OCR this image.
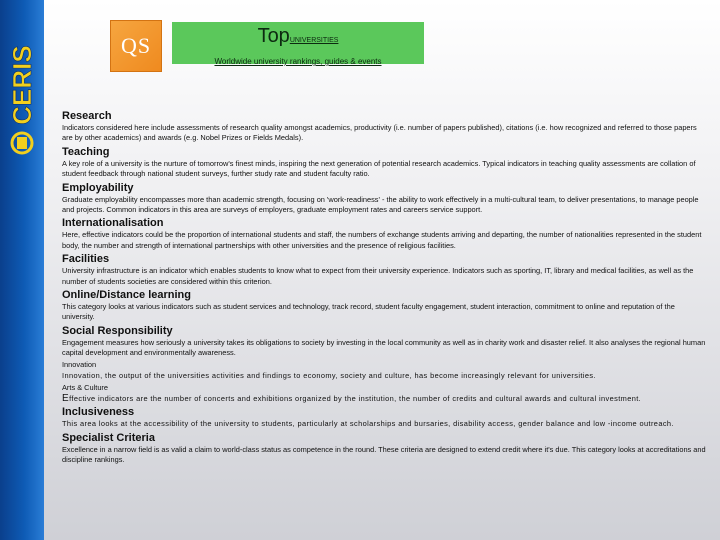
CERIS	QS	TopUNIVERSITIES
Worldwide university rankings, guides & events

Research

Indicators considered here include assessments of research quality amongst academics, productivity (i.e. number of papers published), citations (i.e. how recognized and referred to those papers are by other academics) and awards (e.g. Nobel Prizes or Fields Medals).

Teaching

A key role of a university is the nurture of tomorrow's finest minds, inspiring the next generation of potential research academics. Typical indicators in teaching quality assessments are collation of student feedback through national student surveys, further study rate and student faculty ratio.

Employability

Graduate employability encompasses more than academic strength, focusing on 'work-readiness' - the ability to work effectively in a multi-cultural team, to deliver presentations, to manage people and projects. Common indicators in this area are surveys of employers, graduate employment rates and careers service support.

Internationalisation

Here, effective indicators could be the proportion of international students and staff, the numbers of exchange students arriving and departing, the number of nationalities represented in the student body, the number and strength of international partnerships with other universities and the presence of religious facilities.

Facilities

University infrastructure is an indicator which enables students to know what to expect from their university experience. Indicators such as sporting, IT, library and medical facilities, as well as the number of students societies are considered within this criterion.

Online/Distance learning

This category looks at various indicators such as student services and technology, track record, student faculty engagement, student interaction, commitment to online and reputation of the university.

Social Responsibility

Engagement measures how seriously a university takes its obligations to society by investing in the local community as well as in charity work and disaster relief. It also analyses the regional human capital development and environmentally awareness.

Innovation

Innovation, the output of the universities activities and findings to economy, society and culture, has become increasingly relevant for universities.

Arts & Culture

Effective indicators are the number of concerts and exhibitions organized by the institution, the number of credits and cultural awards and cultural investment.

Inclusiveness

This area looks at the accessibility of the university to students, particularly at scholarships and bursaries, disability access, gender balance and low -income outreach.

Specialist Criteria

Excellence in a narrow field is as valid a claim to world-class status as competence in the round. These criteria are designed to extend credit where it's due. This category looks at accreditations and discipline rankings.
